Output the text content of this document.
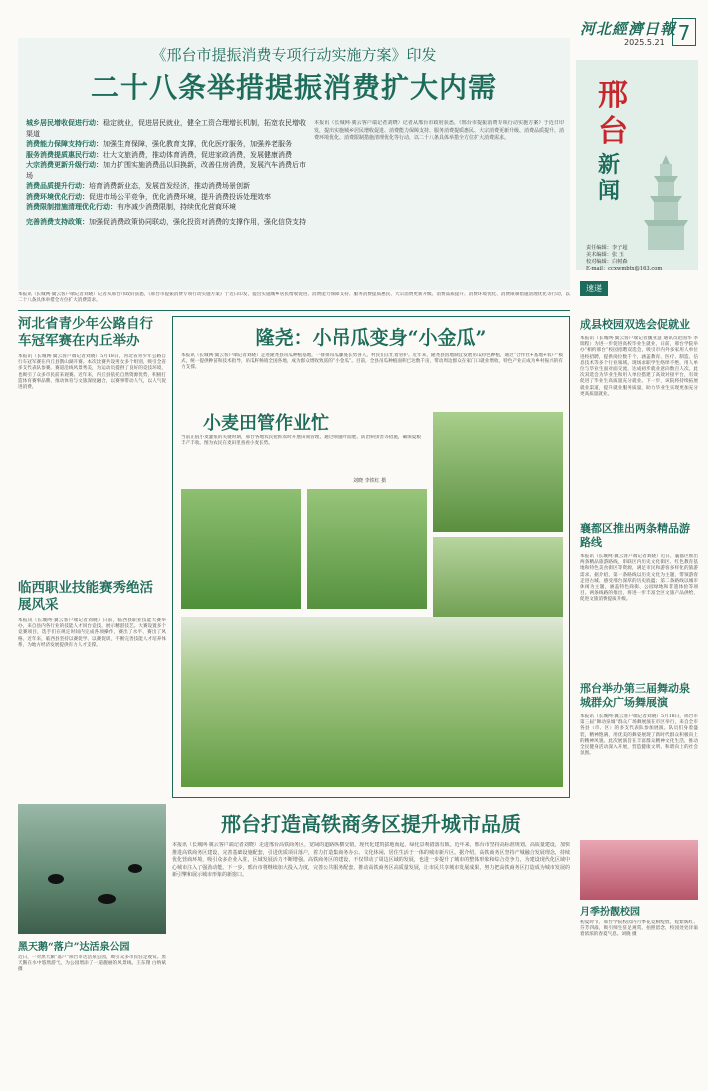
河北經濟日報
2025.5.21 7
邢台
新闻
责任编辑：李子超
美术编辑：张 玉
校对编辑：白树森
E-mail：ccxwmbtx@163.com
《邢台市提振消费专项行动实施方案》印发
二十八条举措提振消费扩大内需
城乡居民增收促进行动：稳定就业，促进居民就业，健全工资合理增长机制，拓宽农民增收渠道
消费能力保障支持行动：加强生育保障，强化教育支撑，优化医疗服务，加强养老服务
服务消费提质惠民行动：壮大文旅消费，推动体育消费，促进家政消费，发展健康消费
大宗消费更新升级行动：加力扩围实施消费品以旧换新，改善住房消费，发展汽车消费后市场
消费品质提升行动：培育消费新业态，发展首发经济，推动消费场景创新
消费环境优化行动：促进市场公平竞争，优化消费环境，提升消费投诉处理效率
消费限制措施清理优化行动：有序减少消费限制，持续优化营商环境
完善消费支持政策：加强促消费政策协同联动，强化投资对消费的支撑作用，强化信贷支持
本报讯（长城网·冀云客户端记者刘晓）记者从邢台市政府获悉，《邢台市提振消费专项行动实施方案》于近日印发，提出实施城乡居民增收促进、消费能力保障支持、服务消费提质惠民、大宗消费更新升级、消费品质提升、消费环境优化、消费限制措施清理优化等行动，以二十八条具体举措全方位扩大消费需求。
本报讯（长城网·冀云客户端记者刘晓）记者从邢台市政府获悉，《邢台市提振消费专项行动实施方案》于近日印发，提出实施城乡居民增收促进、消费能力保障支持、服务消费提质惠民、大宗消费更新升级、消费品质提升、消费环境优化、消费限制措施清理优化等行动，以二十八条具体举措全方位扩大消费需求。
河北省青少年公路自行车冠军赛在内丘举办
本报讯（长城网·冀云客户端记者刘晓）5月18日，河北省青少年公路自行车冠军赛在内丘县鹊山湖开赛。本次比赛共设男女多个组别，吸引全省多支代表队参赛。赛道沿线风景秀美，为运动员提供了良好的竞技环境，也吸引了众多市民前来观赛。近年来，内丘县依托自然资源优势，积极打造体育赛事品牌，推动体育与文旅深度融合，以赛事带动人气，以人气促进消费。
临西职业技能赛秀绝活展风采
本报讯（长城网·冀云客户端记者刘晓）日前，临西县职业技能大赛举办，来自县内各行业的技能人才同台竞技，展示精湛技艺。大赛设置多个竞赛项目，选手们在规定时间内完成各项操作，赛出了水平、赛出了风格。近年来，临西县坚持以赛促学、以赛促训，不断完善技能人才培养体系，为地方经济发展提供有力人才支撑。
黑天鹅“落户”达活泉公园
近日，一对黑天鹅“落户”邢台市达活泉公园，吸引众多市民驻足观赏。黑天鹅在水中悠然游弋，为公园增添了一道靓丽的风景线。王东翔 白纳斌 摄
隆尧：小吊瓜变身“小金瓜”
本报讯（长城网·冀云客户端记者刘晓）走进隆尧县吊瓜种植基地，一排排吊瓜藤蔓长势喜人，村民们正忙着管护。近年来，隆尧县因地制宜发展吊瓜特色种植，通过“合作社+基地+农户”模式，统一提供种苗和技术指导，吊瓜籽畅销全国各地，成为群众增收致富的“小金瓜”。目前，全县吊瓜种植面积已达数千亩，带动周边群众在家门口就业增收，特色产业正成为乡村振兴的有力支撑。
小麦田管作业忙
当前正值小麦灌浆的关键时期，邢台各地农民抢抓农时开展田间管理，通过喷施叶面肥、防治病虫害等措施，确保夏粮丰产丰收。图为农民在麦田里查看小麦长势。
刘晓 李铁红 摄
邢台打造高铁商务区提升城市品质
本报讯（长城网·冀云客户端记者刘晓）走进邢台高铁商务区，宽阔的道路纵横交错，现代化建筑拔地而起，绿化景观错落有致。近年来，邢台市坚持高标准规划、高质量建设，加快推进高铁商务区建设，完善基础设施配套，引进优质项目落户，着力打造集商务办公、文化休闲、居住生活于一体的城市新片区。据介绍，高铁商务区坚持产城融合发展理念，持续优化营商环境，吸引众多企业入驻，区域发展活力不断增强。高铁商务区的建设，不仅带动了周边区域的发展，也进一步提升了城市的整体形象和综合竞争力，为建设现代化区域中心城市注入了强劲动能。下一步，邢台市将继续加大投入力度，完善公共服务配套，推动高铁商务区高质量发展，让市民共享城市发展成果，努力把高铁商务区打造成为城市发展的新引擎和展示城市形象的新窗口。
速递
成县校园双选会促就业
本报讯（长城网·冀云客户端记者魏亚慧 通讯员赵国华 李瑞程）为进一步促进高校毕业生就业，日前，邢台学院举办“相约邢台”校园招聘双选会，吸引市内外多家用人单位进校招聘，提供岗位数千个，涵盖教育、医疗、制造、信息技术等多个行业领域。现场求职学生络绎不绝，用人单位与毕业生面对面交流，达成初步就业意向数百人次。此次双选会为毕业生和用人单位搭建了高效对接平台，有效促进了毕业生高质量充分就业。下一步，该院将持续拓展就业渠道，提升就业服务质量，助力毕业生实现更加充分更高质量就业。
襄都区推出两条精品游路线
本报讯（长城网·冀云客户端记者刘晓）近日，襄都区推出两条精品旅游路线，串联区内历史文化街区、红色教育基地和特色美食街区等资源，满足市民和游客多样化的旅游需求。据介绍，第一条路线以历史文化为主题，带领游客走进古城、感受邢台深厚的历史底蕴；第二条路线以城市休闲为主题，涵盖特色商街、公园绿地和非遗体验等项目。两条线路的推出，将进一步丰富全区文旅产品供给，促进文旅消费提质升级。
邢台举办第三届舞动泉城群众广场舞展演
本报讯（长城网·冀云客户端记者刘晓）5月18日，邢台市第三届“舞动泉城”群众广场舞展演在市区举行，来自全市各县（市、区）的多支代表队参加展演。队员们身着盛装，精神饱满，用优美的舞姿展现了新时代群众积极向上的精神风貌。此次展演旨在丰富群众精神文化生活，推动全民健身活动深入开展，营造健康文明、和谐向上的社会氛围。
月季扮靓校园
初夏时节，邢台学院校园内月季花竞相绽放，姹紫嫣红、芬芳四溢，吸引师生驻足观赏、拍照留念，校园处处洋溢着浓浓的春夏气息。刘晓 摄
